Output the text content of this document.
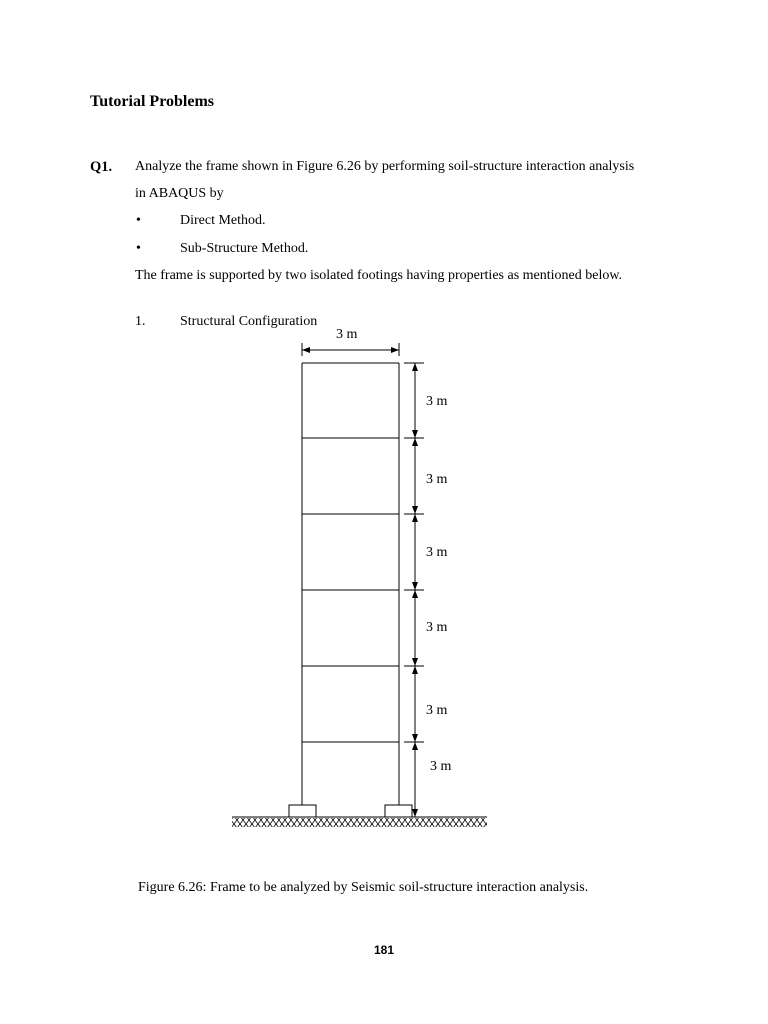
Tutorial Problems
Q1. Analyze the frame shown in Figure 6.26 by performing soil-structure interaction analysis
in ABAQUS by
•	Direct Method.
•	Sub-Structure Method.
The frame is supported by two isolated footings having properties as mentioned below.
1. Structural Configuration
3 m
3 m
3 m
3 m
3 m
3 m
3 m
Figure 6.26: Frame to be analyzed by Seismic soil-structure interaction analysis.
181
